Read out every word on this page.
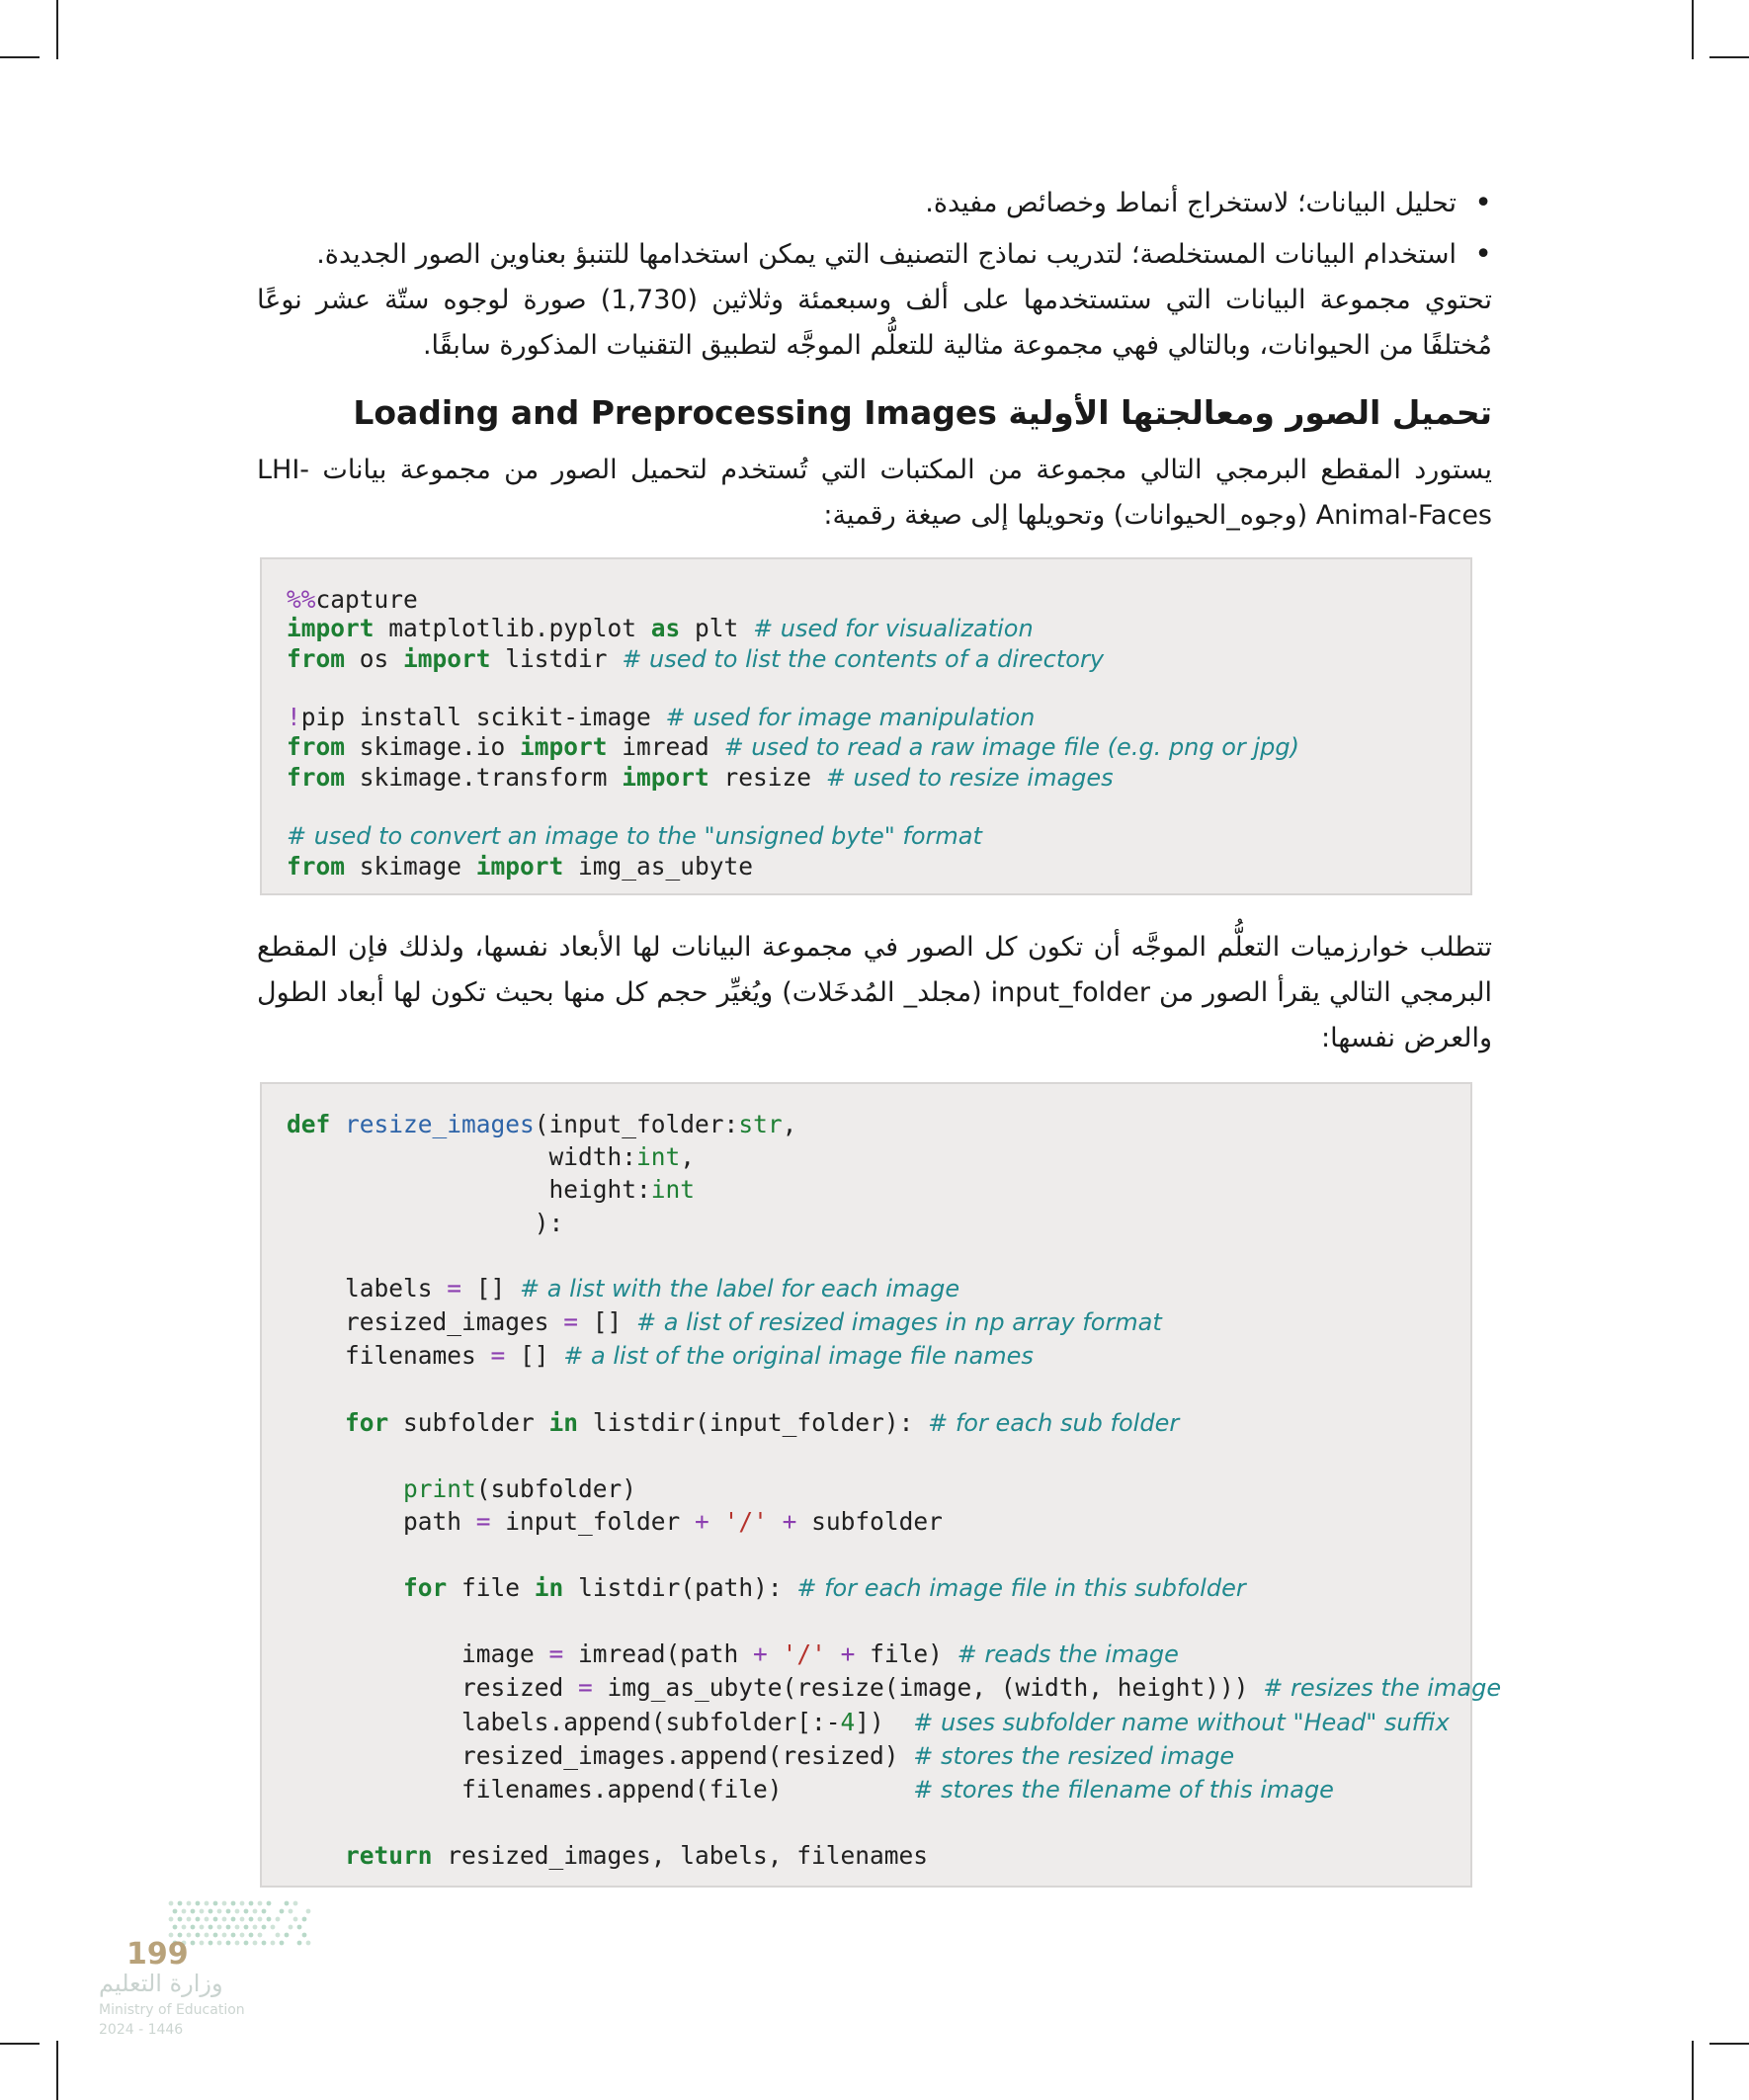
• تحليل البيانات؛ لاستخراج أنماط وخصائص مفيدة.
• استخدام البيانات المستخلصة؛ لتدريب نماذج التصنيف التي يمكن استخدامها للتنبؤ بعناوين الصور الجديدة.
تحتوي مجموعة البيانات التي ستستخدمها على ألف وسبعمئة وثلاثين (1,730) صورة لوجوه ستّة عشر نوعًا مُختلفًا من الحيوانات، وبالتالي فهي مجموعة مثالية للتعلُّم الموجَّه لتطبيق التقنيات المذكورة سابقًا.
تحميل الصور ومعالجتها الأولية Loading and Preprocessing Images
يستورد المقطع البرمجي التالي مجموعة من المكتبات التي تُستخدم لتحميل الصور من مجموعة بيانات LHI-Animal-Faces (وجوه_الحيوانات) وتحويلها إلى صيغة رقمية:
%%capture
import matplotlib.pyplot as plt # used for visualization
from os import listdir # used to list the contents of a directory

!pip install scikit-image # used for image manipulation
from skimage.io import imread # used to read a raw image file (e.g. png or jpg)
from skimage.transform import resize # used to resize images

# used to convert an image to the "unsigned byte" format
from skimage import img_as_ubyte
تتطلب خوارزميات التعلُّم الموجَّه أن تكون كل الصور في مجموعة البيانات لها الأبعاد نفسها، ولذلك فإن المقطع البرمجي التالي يقرأ الصور من input_folder (مجلد_ المُدخَلات) ويُغيِّر حجم كل منها بحيث تكون لها أبعاد الطول والعرض نفسها:
def resize_images(input_folder:str,
width:int,
height:int
):

labels = [] # a list with the label for each image
resized_images = [] # a list of resized images in np array format
filenames = [] # a list of the original image file names

for subfolder in listdir(input_folder): # for each sub folder

print(subfolder)
path = input_folder + '/' + subfolder

for file in listdir(path): # for each image file in this subfolder

image = imread(path + '/' + file) # reads the image
resized = img_as_ubyte(resize(image, (width, height))) # resizes the image
labels.append(subfolder[:-4])  # uses subfolder name without "Head" suffix
resized_images.append(resized) # stores the resized image
filenames.append(file)	# stores the filename of this image

return resized_images, labels, filenames
199
وزارة التعليم
Ministry of Education
2024 - 1446
